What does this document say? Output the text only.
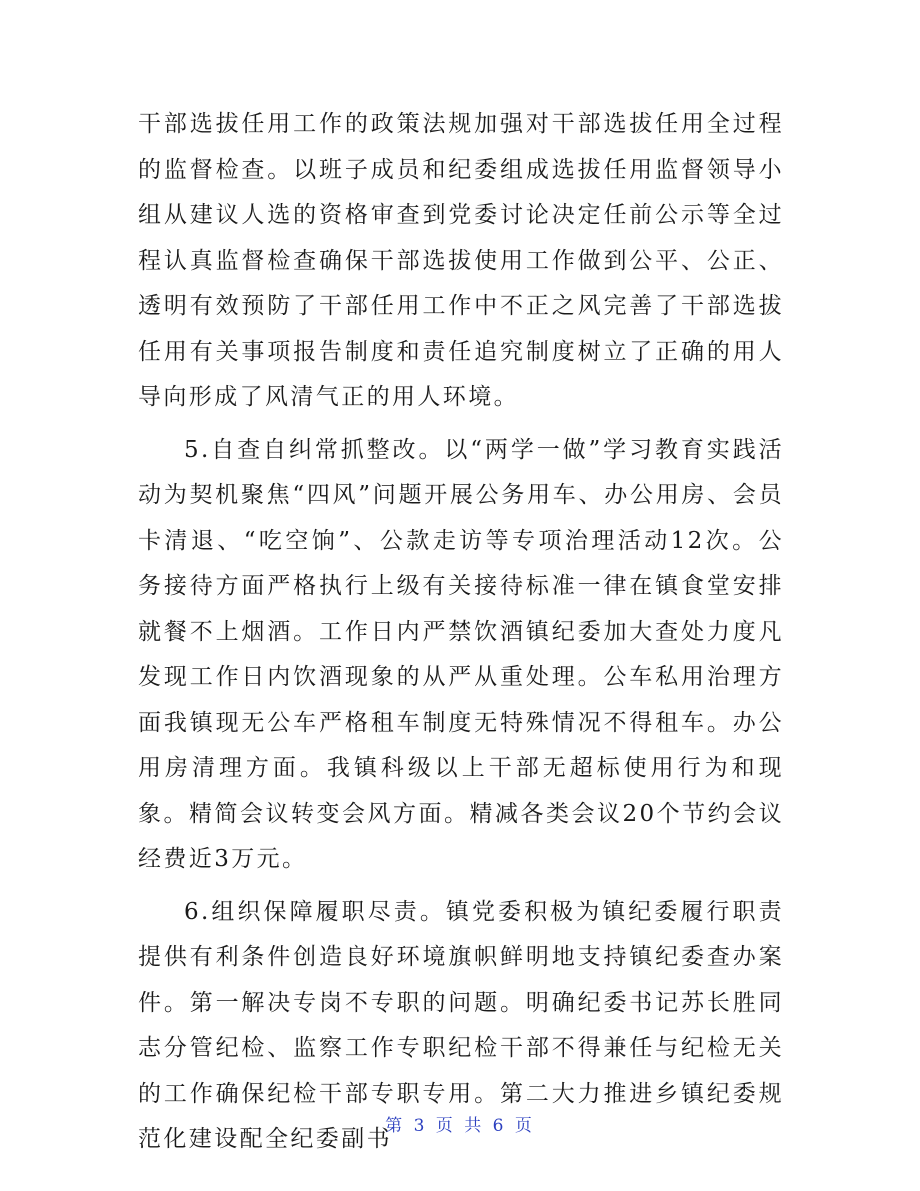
干部选拔任用工作的政策法规加强对干部选拔任用全过程的监督检查。以班子成员和纪委组成选拔任用监督领导小组从建议人选的资格审查到党委讨论决定任前公示等全过程认真监督检查确保干部选拔使用工作做到公平、公正、透明有效预防了干部任用工作中不正之风完善了干部选拔任用有关事项报告制度和责任追究制度树立了正确的用人导向形成了风清气正的用人环境。

5.自查自纠常抓整改。以“两学一做”学习教育实践活动为契机聚焦“四风”问题开展公务用车、办公用房、会员卡清退、“吃空饷”、公款走访等专项治理活动12次。公务接待方面严格执行上级有关接待标准一律在镇食堂安排就餐不上烟酒。工作日内严禁饮酒镇纪委加大查处力度凡发现工作日内饮酒现象的从严从重处理。公车私用治理方面我镇现无公车严格租车制度无特殊情况不得租车。办公用房清理方面。我镇科级以上干部无超标使用行为和现象。精简会议转变会风方面。精减各类会议20个节约会议经费近3万元。

6.组织保障履职尽责。镇党委积极为镇纪委履行职责提供有利条件创造良好环境旗帜鲜明地支持镇纪委查办案件。第一解决专岗不专职的问题。明确纪委书记苏长胜同志分管纪检、监察工作专职纪检干部不得兼任与纪检无关的工作确保纪检干部专职专用。第二大力推进乡镇纪委规范化建设配全纪委副书

第 3 页 共 6 页
